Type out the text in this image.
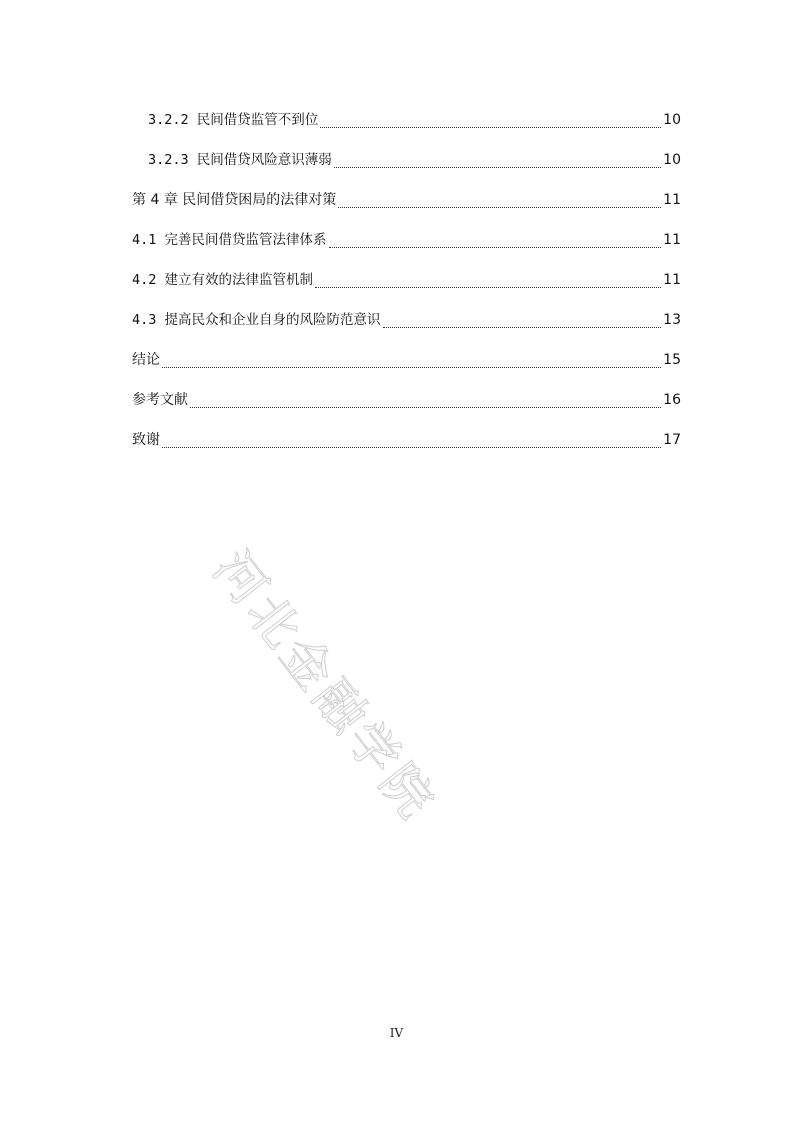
3.2.2 民间借贷监管不到位	10
3.2.3 民间借贷风险意识薄弱	10
第 4 章 民间借贷困局的法律对策	11
4.1 完善民间借贷监管法律体系	11
4.2 建立有效的法律监管机制	11
4.3 提高民众和企业自身的风险防范意识	13
结论	15
参考文献	16
致谢	17
河北金融学院
IV
